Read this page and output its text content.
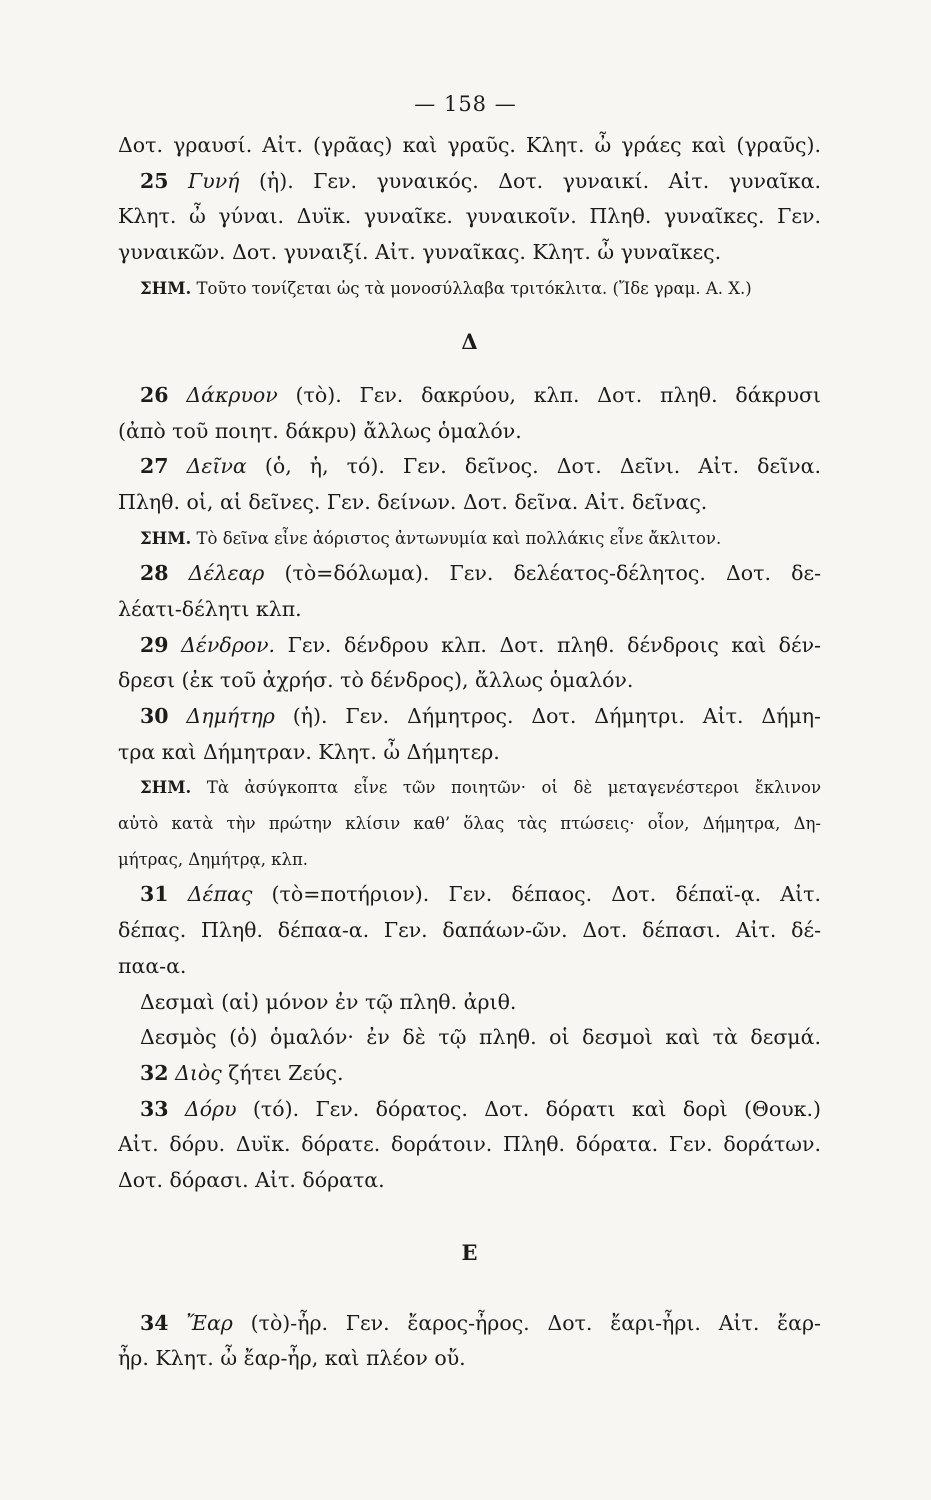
— 158 —
Δοτ. γραυσί. Αἰτ. (γρᾶας) καὶ γραῦς. Κλητ. ὦ γράες καὶ (γραῦς).
25 Γυνή (ἡ). Γεν. γυναικός. Δοτ. γυναικί. Αἰτ. γυναῖκα.
Κλητ. ὦ γύναι. Δυϊκ. γυναῖκε. γυναικοῖν. Πληθ. γυναῖκες. Γεν.
γυναικῶν. Δοτ. γυναιξί. Αἰτ. γυναῖκας. Κλητ. ὦ γυναῖκες.
ΣΗΜ. Τοῦτο τονίζεται ὡς τὰ μονοσύλλαβα τριτόκλιτα. (Ἴδε γραμ. Α. Χ.)
Δ
26 Δάκρυον (τὸ). Γεν. δακρύου, κλπ. Δοτ. πληθ. δάκρυσι
(ἀπὸ τοῦ ποιητ. δάκρυ) ἄλλως ὁμαλόν.
27 Δεῖνα (ὁ, ἡ, τό). Γεν. δεῖνος. Δοτ. Δεῖνι. Αἰτ. δεῖνα.
Πληθ. οἱ, αἱ δεῖνες. Γεν. δείνων. Δοτ. δεῖνα. Αἰτ. δεῖνας.
ΣΗΜ. Τὸ δεῖνα εἶνε ἀόριστος ἀντωνυμία καὶ πολλάκις εἶνε ἄκλιτον.
28 Δέλεαρ (τὸ=δόλωμα). Γεν. δελέατος-δέλητος. Δοτ. δε-
λέατι-δέλητι κλπ.
29 Δένδρον. Γεν. δένδρου κλπ. Δοτ. πληθ. δένδροις καὶ δέν-
δρεσι (ἐκ τοῦ ἀχρήσ. τὸ δένδρος), ἄλλως ὁμαλόν.
30 Δημήτηρ (ἡ). Γεν. Δήμητρος. Δοτ. Δήμητρι. Αἰτ. Δήμη-
τρα καὶ Δήμητραν. Κλητ. ὦ Δήμητερ.
ΣΗΜ. Τὰ ἀσύγκοπτα εἶνε τῶν ποιητῶν· οἱ δὲ μεταγενέστεροι ἔκλινον
αὐτὸ κατὰ τὴν πρώτην κλίσιν καθ’ ὅλας τὰς πτώσεις· οἷον, Δήμητρα, Δη-
μήτρας, Δημήτρᾳ, κλπ.
31 Δέπας (τὸ=ποτήριον). Γεν. δέπαος. Δοτ. δέπαϊ-ᾳ. Αἰτ.
δέπας. Πληθ. δέπαα-α. Γεν. δαπάων-ῶν. Δοτ. δέπασι. Αἰτ. δέ-
παα-α.
Δεσμαὶ (αἱ) μόνον ἐν τῷ πληθ. ἀριθ.
Δεσμὸς (ὁ) ὁμαλόν· ἐν δὲ τῷ πληθ. οἱ δεσμοὶ καὶ τὰ δεσμά.
32 Διὸς ζήτει Ζεύς.
33 Δόρυ (τό). Γεν. δόρατος. Δοτ. δόρατι καὶ δορὶ (Θουκ.)
Αἰτ. δόρυ. Δυϊκ. δόρατε. δοράτοιν. Πληθ. δόρατα. Γεν. δοράτων.
Δοτ. δόρασι. Αἰτ. δόρατα.
Ε
34 Ἔαρ (τὸ)-ἦρ. Γεν. ἔαρος-ἦρος. Δοτ. ἔαρι-ἦρι. Αἰτ. ἔαρ-
ἦρ. Κλητ. ὦ ἔαρ-ἦρ, καὶ πλέον οὔ.
